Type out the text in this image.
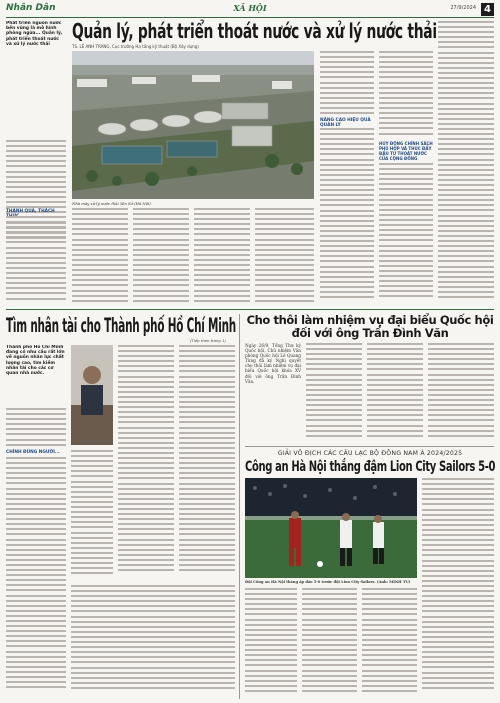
Nhân Dân	XÃ HỘI	27/9/2024 4
Phát triển nguồn nước bền vững là mô hình phòng ngừa... Quản lý, phát triển thoát nước và xử lý nước thải
THÀNH QUẢ, THÁCH
Quản lý, phát triển thoát nước và xử lý nước thải
TS. LÊ ANH TRANG, Cục trưởng Hạ tầng kỹ thuật (Bộ Xây dựng)
Nhà máy xử lý nước thải Yên Sở (Hà Nội).
NÂNG CAO HIỆU QUẢ QUẢN LÝ
HUY ĐỘNG CHÍNH SÁCH PHÙ HỢP VÀ THÚC ĐẨY ĐẦU TƯ THOÁT NƯỚC
CỦA CỘNG ĐỒNG
Tìm nhân tài cho Thành phố Hồ Chí Minh
(Tiếp theo trang 1)
Thành phố Hồ Chí Minh đang có nhu cầu rất lớn về nguồn nhân lực chất lượng cao, tìm kiếm nhân tài cho các cơ quan nhà nước.
CHÍNH ĐÚNG NGƯỜI...
Cho thôi làm nhiệm vụ đại biểu Quốc hội đối với ông Trần Đình Văn
Ngày 26/9, Tổng Thư ký Quốc hội, Chủ nhiệm Văn phòng Quốc hội Lê Quang Tùng đã ký Nghị quyết cho thôi làm nhiệm vụ đại biểu Quốc hội khóa XV đối với ông Trần Đình Văn.
GIẢI VÔ ĐỊCH CÁC CÂU LẠC BỘ ĐÔNG NAM Á 2024/2025
Công an Hà Nội thắng đậm Lion City Sailors 5-0
Đội Công an Hà Nội thắng áp đảo 5-0 trước đội Lion City Sailors. (Ảnh: MINH TÚ)
